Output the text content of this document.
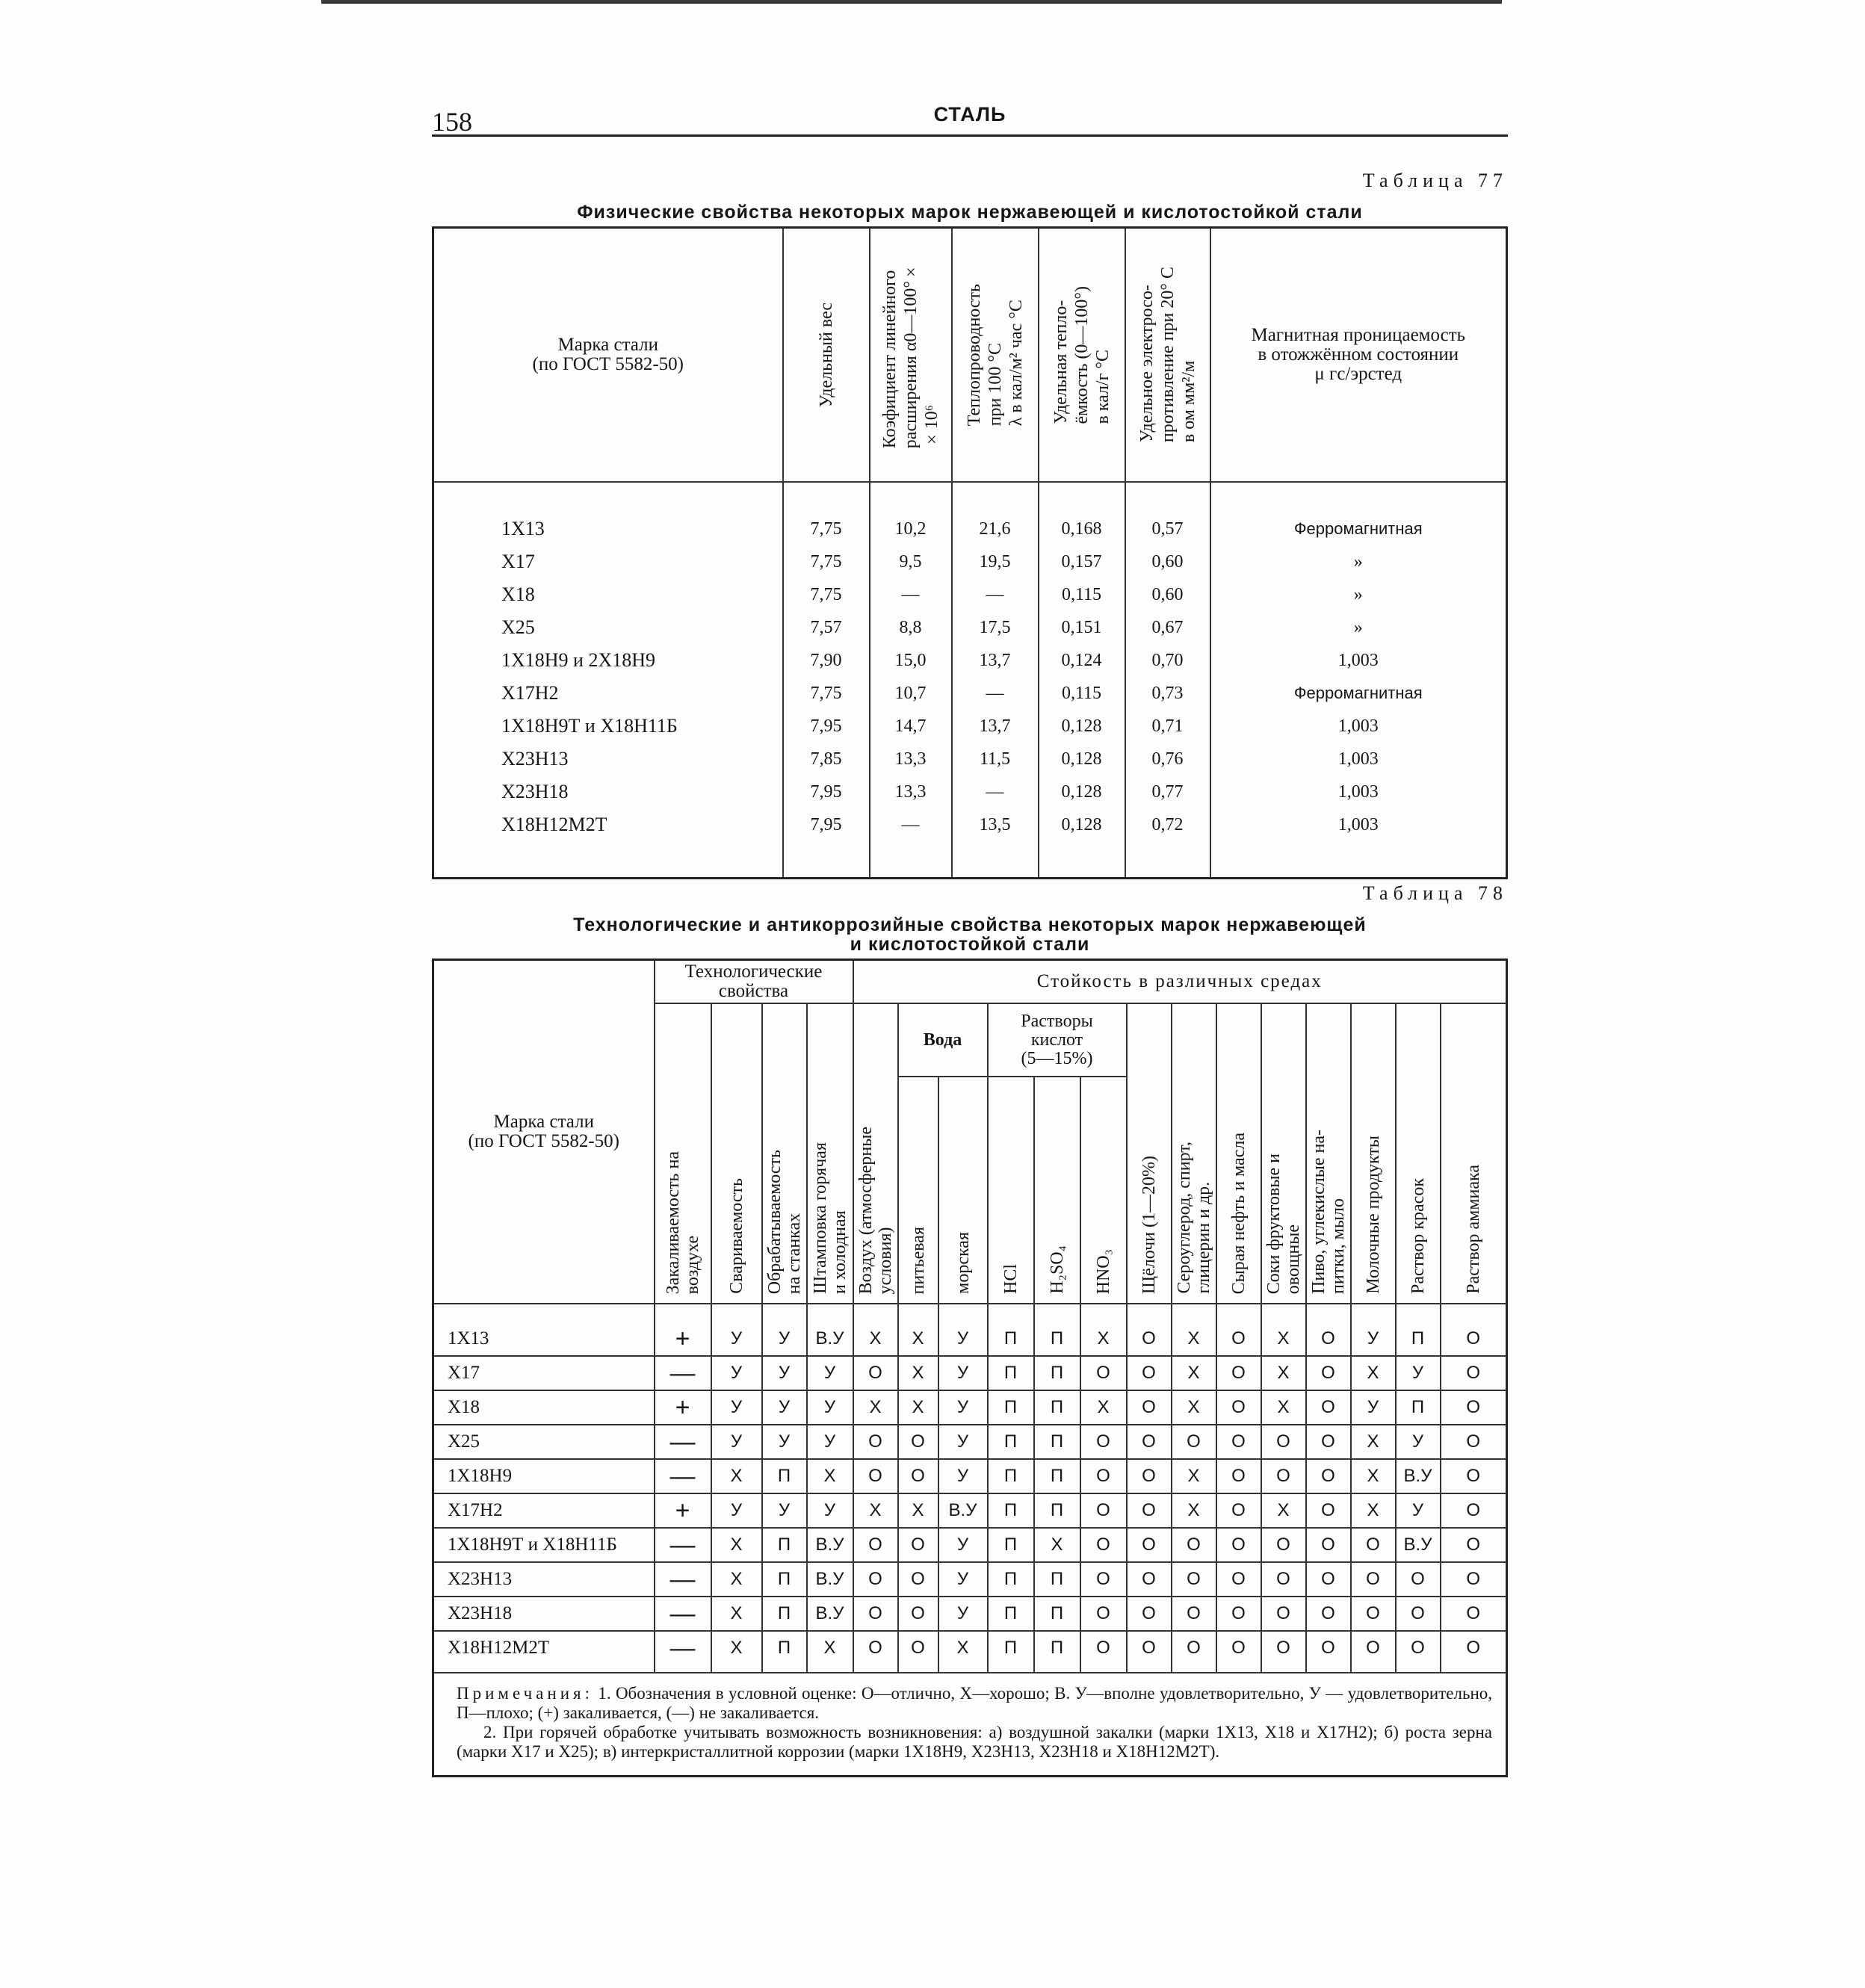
158	СТАЛЬ
Таблица 77
Физические свойства некоторых марок нержавеющей и кислотостойкой стали
Марка стали
(по ГОСТ 5582-50)	Удельный вес	Коэфициент линейного
расширения α0—100°×
×10⁶	Теплопроводность
при 100 °С
λ в кал/м² час °С	Удельная тепло-
ёмкость (0—100°)
в кал/г °С	Удельное электросо-
противление при 20° С
в ом мм²/м	Магнитная проницаемость
в отожжённом состоянии
μ гс/эрстед

1Х13	7,75	10,2	21,6	0,168	0,57	Ферромагнитная
Х17	7,75	9,5	19,5	0,157	0,60	»
Х18	7,75	—	—	0,115	0,60	»
Х25	7,57	8,8	17,5	0,151	0,67	»
1Х18Н9 и 2Х18Н9	7,90	15,0	13,7	0,124	0,70	1,003
Х17Н2	7,75	10,7	—	0,115	0,73	Ферромагнитная
1Х18Н9Т и Х18Н11Б	7,95	14,7	13,7	0,128	0,71	1,003
Х23Н13	7,85	13,3	11,5	0,128	0,76	1,003
Х23Н18	7,95	13,3	—	0,128	0,77	1,003
Х18Н12М2Т	7,95	—	13,5	0,128	0,72	1,003
Таблица 78
Технологические и антикоррозийные свойства некоторых марок нержавеющей
и кислотостойкой стали
Марка стали
(по ГОСТ 5582-50)	Технологические
свойства				Стойкость в различных средах													

	Закаливаемость на
воздухе	Свариваемость	Обрабатываемость
на станках	Штамповка горячая
и холодная	Воздух (атмосферные
условия)	Вода		Растворы
кислот
(5—15%)			Щёлочи (1—20%)	Сероуглерод, спирт,
глицерин и др.	Сырая нефть и масла	Соки фруктовые и
овощные	Пиво, углекислые на-
питки, мыло	Молочные продукты	Раствор красок	Раствор аммиака

						питьевая	морская	HCl	H₂SO₄	HNO₃								

1Х13	+	У	У	В.У	Х	Х	У	П	П	Х	О	Х	О	Х	О	У	П	О
Х17	—	У	У	У	О	Х	У	П	П	О	О	Х	О	Х	О	Х	У	О
Х18	+	У	У	У	Х	Х	У	П	П	Х	О	Х	О	Х	О	У	П	О
Х25	—	У	У	У	О	О	У	П	П	О	О	О	О	О	О	Х	У	О
1Х18Н9	—	Х	П	Х	О	О	У	П	П	О	О	Х	О	О	О	Х	В.У	О
Х17Н2	+	У	У	У	Х	Х	В.У	П	П	О	О	Х	О	Х	О	Х	У	О
1Х18Н9Т и Х18Н11Б	—	Х	П	В.У	О	О	У	П	Х	О	О	О	О	О	О	О	В.У	О
Х23Н13	—	Х	П	В.У	О	О	У	П	П	О	О	О	О	О	О	О	О	О
Х23Н18	—	Х	П	В.У	О	О	У	П	П	О	О	О	О	О	О	О	О	О
Х18Н12М2Т	—	Х	П	Х	О	О	Х	П	П	О	О	О	О	О	О	О	О	О

Примечания: 1. Обозначения в условной оценке: О—отлично, Х—хорошо; В. У—вполне удовлетворительно, У — удовлетворительно, П—плохо; (+) закаливается, (—) не закаливается.

2. При горячей обработке учитывать возможность возникновения: а) воздушной закалки (марки 1Х13, Х18 и Х17Н2); б) роста зерна (марки Х17 и Х25); в) интеркристаллитной коррозии (марки 1Х18Н9, Х23Н13, Х23Н18 и Х18Н12М2Т).																		
